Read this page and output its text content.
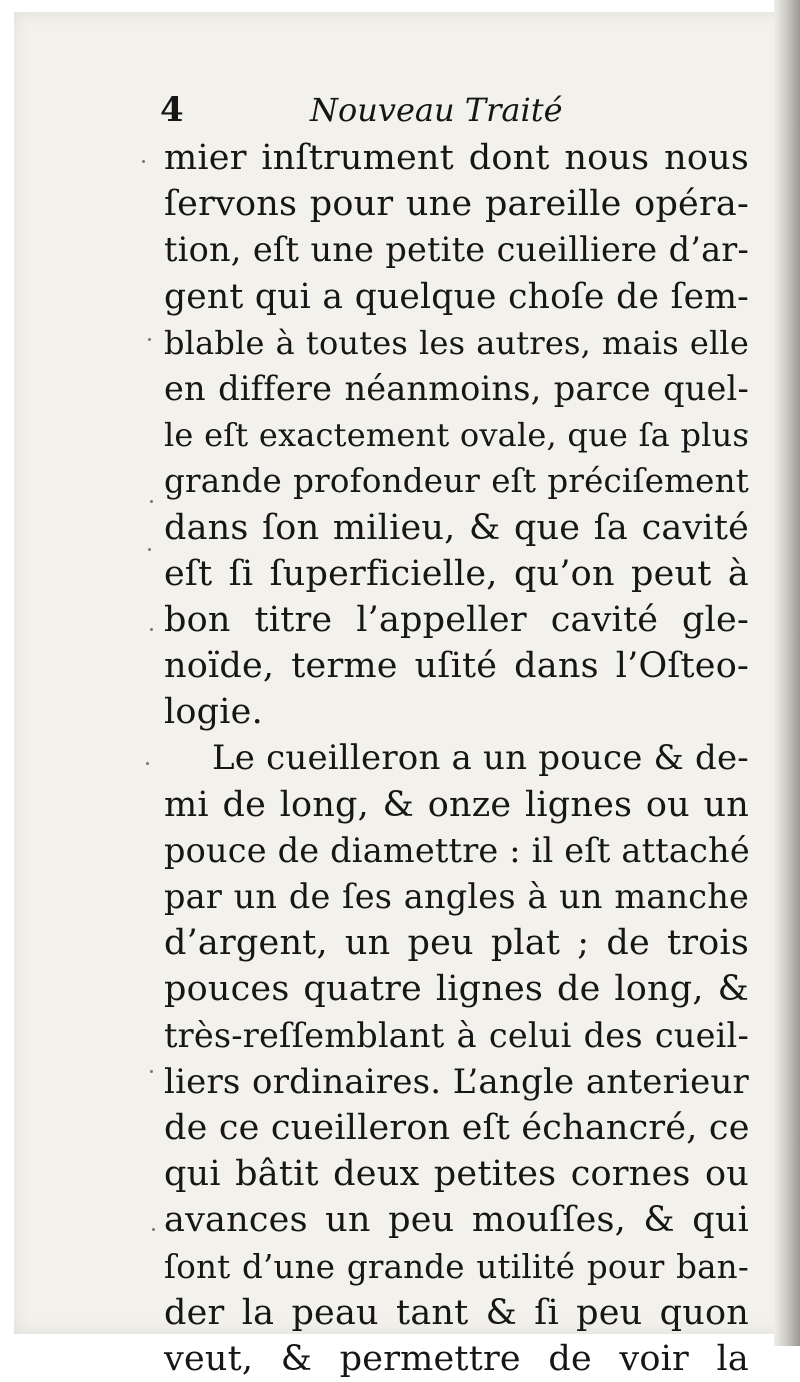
4	Nouveau Traité
mier inſtrument dont nous nous
ſervons pour une pareille opéra-
tion, eſt une petite cueilliere d’ar-
gent qui a quelque choſe de ſem-
blable à toutes les autres, mais elle
en differe néanmoins, parce quel-
le eſt exactement ovale, que ſa plus
grande profondeur eſt préciſement
dans ſon milieu, & que ſa cavité
eſt ſi ſuperficielle, qu’on peut à
bon titre l’appeller cavité gle-
noïde, terme uſité dans l’Oſteo-
logie.
Le cueilleron a un pouce & de-
mi de long, & onze lignes ou un
pouce de diamettre : il eſt attaché
par un de ſes angles à un manche
d’argent, un peu plat ; de trois
pouces quatre lignes de long, &
très-reſſemblant à celui des cueil-
liers ordinaires. L’angle anterieur
de ce cueilleron eſt échancré, ce
qui bâtit deux petites cornes ou
avances un peu mouſſes, & qui
ſont d’une grande utilité pour ban-
der la peau tant & ſi peu quon
veut, & permettre de voir la
